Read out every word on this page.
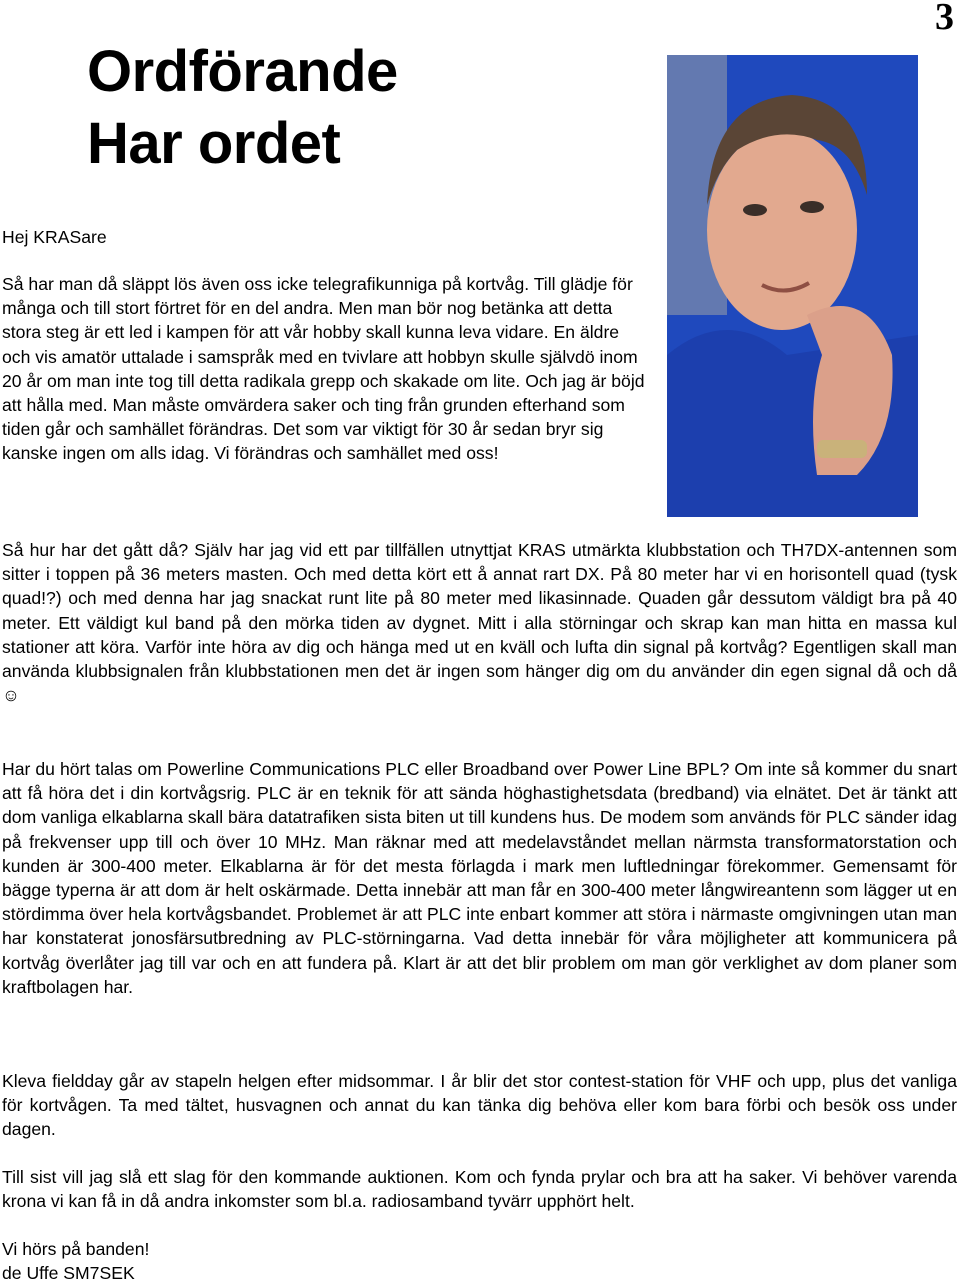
3
Ordförande
Har ordet

Hej KRASare

Så har man då släppt lös även oss icke telegrafikunniga på kortvåg. Till glädje för många och till stort förtret för en del andra. Men man bör nog betänka att detta stora steg är ett led i kampen för att vår hobby skall kunna leva vidare. En äldre och vis amatör uttalade i samspråk med en tvivlare att hobbyn skulle självdö inom 20 år om man inte tog till detta radikala grepp och skakade om lite. Och jag är böjd att hålla med. Man måste omvärdera saker och ting från grunden efterhand som tiden går och samhället förändras. Det som var viktigt för 30 år sedan bryr sig kanske ingen om alls idag. Vi förändras och samhället med oss!

Så hur har det gått då? Själv har jag vid ett par tillfällen utnyttjat KRAS utmärkta klubbstation och TH7DX-antennen som sitter i toppen på 36 meters masten. Och med detta kört ett å annat rart DX. På 80 meter har vi en horisontell quad (tysk quad!?) och med denna har jag snackat runt lite på 80 meter med likasinnade. Quaden går dessutom väldigt bra på 40 meter. Ett väldigt kul band på den mörka tiden av dygnet. Mitt i alla störningar och skrap kan man hitta en massa kul stationer att köra. Varför inte höra av dig och hänga med ut en kväll och lufta din signal på kortvåg? Egentligen skall man använda klubbsignalen från klubbstationen men det är ingen som hänger dig om du använder din egen signal då och då ☺

Har du hört talas om Powerline Communications PLC eller Broadband over Power Line BPL? Om inte så kommer du snart att få höra det i din kortvågsrig. PLC är en teknik för att sända höghastighetsdata (bredband) via elnätet. Det är tänkt att dom vanliga elkablarna skall bära datatrafiken sista biten ut till kundens hus. De modem som används för PLC sänder idag på frekvenser upp till och över 10 MHz. Man räknar med att medelavståndet mellan närmsta transformatorstation och kunden är 300-400 meter. Elkablarna är för det mesta förlagda i mark men luftledningar förekommer. Gemensamt för bägge typerna är att dom är helt oskärmade. Detta innebär att man får en 300-400 meter långwireantenn som lägger ut en stördimma över hela kortvågsbandet. Problemet är att PLC inte enbart kommer att störa i närmaste omgivningen utan man har konstaterat jonosfärsutbredning av PLC-störningarna. Vad detta innebär för våra möjligheter att kommunicera på kortvåg överlåter jag till var och en att fundera på. Klart är att det blir problem om man gör verklighet av dom planer som kraftbolagen har.

Kleva fieldday går av stapeln helgen efter midsommar. I år blir det stor contest-station för VHF och upp, plus det vanliga för kortvågen. Ta med tältet, husvagnen och annat du kan tänka dig behöva eller kom bara förbi och besök oss under dagen.

Till sist vill jag slå ett slag för den kommande auktionen. Kom och fynda prylar och bra att ha saker. Vi behöver varenda krona vi kan få in då andra inkomster som bl.a. radiosamband tyvärr upphört helt.

Vi hörs på banden!
de Uffe SM7SEK
